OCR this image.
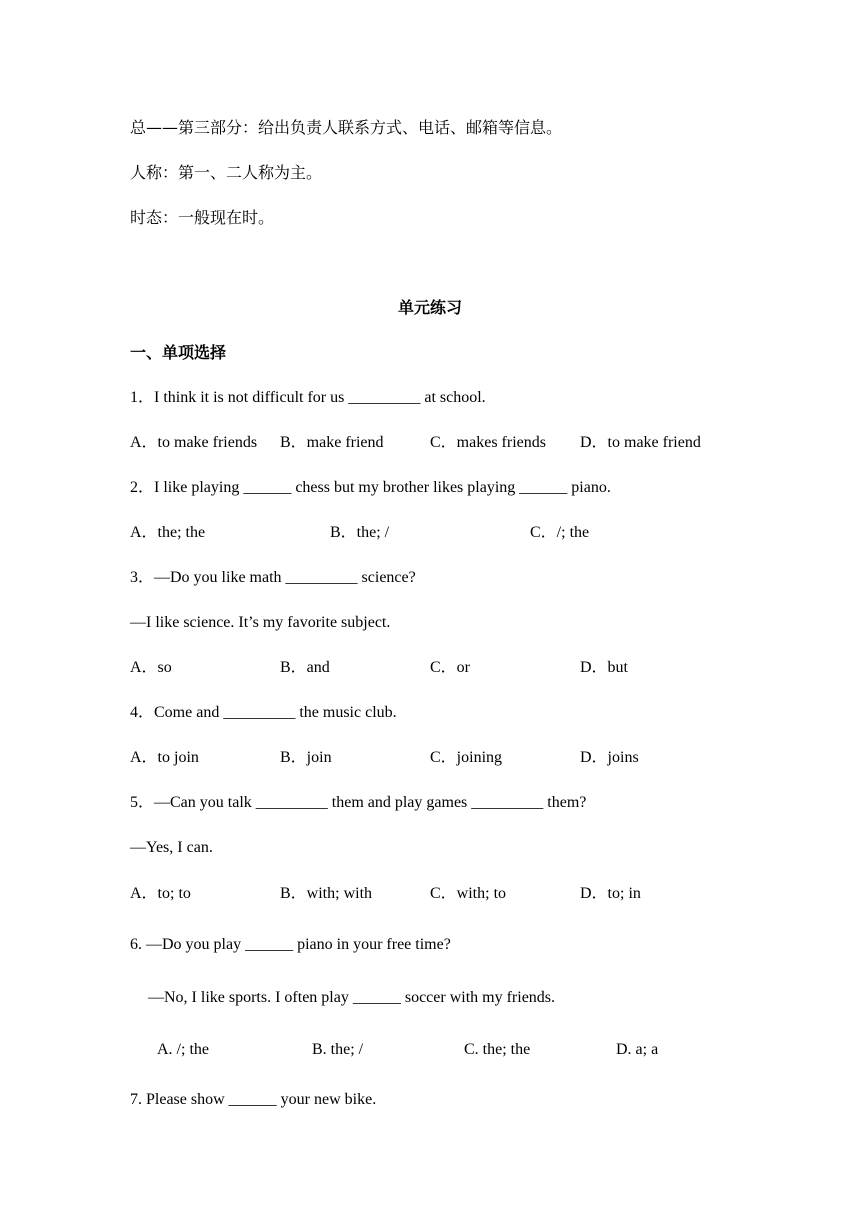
总——第三部分：给出负责人联系方式、电话、邮箱等信息。
人称：第一、二人称为主。
时态：一般现在时。
单元练习
一、单项选择
1．I think it is not difficult for us _________ at school.
A．to make friends B．make friend	C．makes friends D．to make friend
2．I like playing ______ chess but my brother likes playing ______ piano.
A．the; the	B．the; /	C．/; the
3．—Do you like math _________ science?
—I like science. It’s my favorite subject.
A．so	B．and	C．or	D．but
4．Come and _________ the music club.
A．to join	B．join	C．joining	D．joins
5．—Can you talk _________ them and play games _________ them?
—Yes, I can.
A．to; to	B．with; with	C．with; to	D．to; in
6. —Do you play ______ piano in your free time?
—No, I like sports. I often play ______ soccer with my friends.
A. /; the	B. the; /	C. the; the	D. a; a
7. Please show ______ your new bike.
